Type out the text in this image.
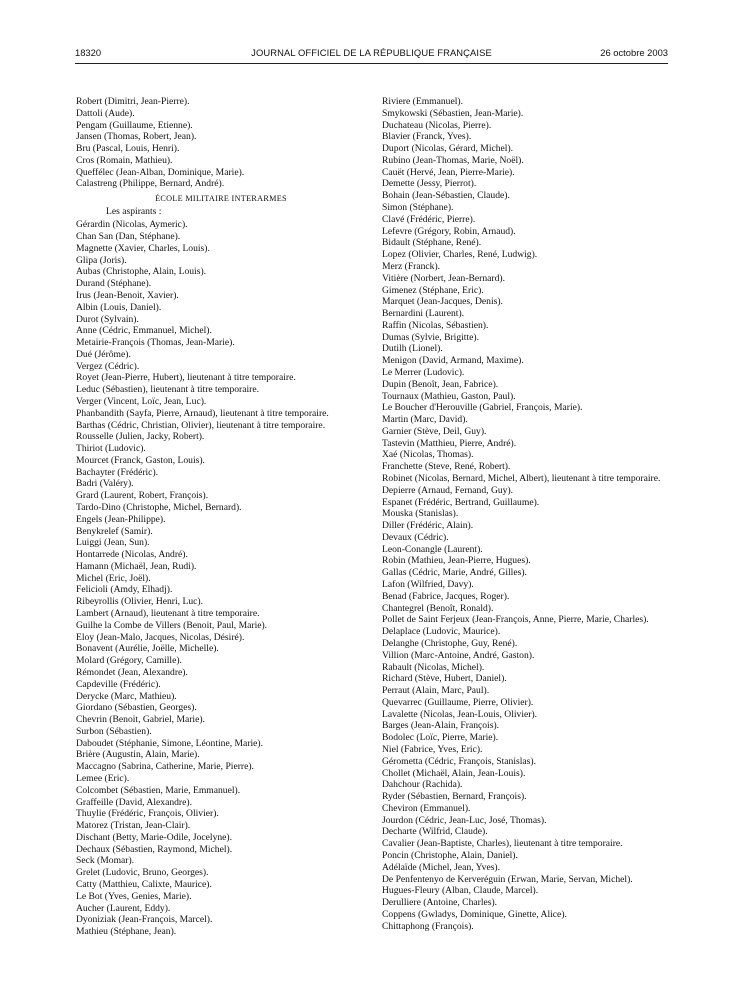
18320	JOURNAL OFFICIEL DE LA RÉPUBLIQUE FRANÇAISE	26 octobre 2003
Robert (Dimitri, Jean-Pierre).
Dattoli (Aude).
Pengam (Guillaume, Etienne).
Jansen (Thomas, Robert, Jean).
Bru (Pascal, Louis, Henri).
Cros (Romain, Mathieu).
Queffélec (Jean-Alban, Dominique, Marie).
Calastreng (Philippe, Bernard, André).
ÉCOLE MILITAIRE INTERARMES
Les aspirants :
Gérardin (Nicolas, Aymeric).
Chan San (Dan, Stéphane).
Magnette (Xavier, Charles, Louis).
Glipa (Joris).
Aubas (Christophe, Alain, Louis).
Durand (Stéphane).
Irus (Jean-Benoit, Xavier).
Albin (Louis, Daniel).
Durot (Sylvain).
Anne (Cédric, Emmanuel, Michel).
Metairie-François (Thomas, Jean-Marie).
Dué (Jérôme).
Vergez (Cédric).
Royet (Jean-Pierre, Hubert), lieutenant à titre temporaire.
Leduc (Sébastien), lieutenant à titre temporaire.
Verger (Vincent, Loïc, Jean, Luc).
Phanbandith (Sayfa, Pierre, Arnaud), lieutenant à titre temporaire.
Barthas (Cédric, Christian, Olivier), lieutenant à titre temporaire.
Rousselle (Julien, Jacky, Robert).
Thiriot (Ludovic).
Mourcet (Franck, Gaston, Louis).
Bachayter (Frédéric).
Badri (Valéry).
Grard (Laurent, Robert, François).
Tardo-Dino (Christophe, Michel, Bernard).
Engels (Jean-Philippe).
Benykrelef (Samir).
Luiggi (Jean, Sun).
Hontarrede (Nicolas, André).
Hamann (Michaël, Jean, Rudi).
Michel (Eric, Joël).
Felicioli (Amdy, Elhadj).
Ribeyrollis (Olivier, Henri, Luc).
Lambert (Arnaud), lieutenant à titre temporaire.
Guilhe la Combe de Villers (Benoit, Paul, Marie).
Eloy (Jean-Malo, Jacques, Nicolas, Désiré).
Bonavent (Aurélie, Joëlle, Michelle).
Molard (Grégory, Camille).
Rémondet (Jean, Alexandre).
Capdeville (Frédéric).
Derycke (Marc, Mathieu).
Giordano (Sébastien, Georges).
Chevrin (Benoit, Gabriel, Marie).
Surbon (Sébastien).
Daboudet (Stéphanie, Simone, Léontine, Marie).
Brière (Augustin, Alain, Marie).
Maccagno (Sabrina, Catherine, Marie, Pierre).
Lemee (Eric).
Colcombet (Sébastien, Marie, Emmanuel).
Graffeille (David, Alexandre).
Thuylie (Frédéric, François, Olivier).
Matorez (Tristan, Jean-Clair).
Dischant (Betty, Marie-Odile, Jocelyne).
Dechaux (Sébastien, Raymond, Michel).
Seck (Momar).
Grelet (Ludovic, Bruno, Georges).
Catty (Matthieu, Calixte, Maurice).
Le Bot (Yves, Genies, Marie).
Aucher (Laurent, Eddy).
Dyoniziak (Jean-François, Marcel).
Mathieu (Stéphane, Jean).
Riviere (Emmanuel).
Smykowski (Sébastien, Jean-Marie).
Duchateau (Nicolas, Pierre).
Blavier (Franck, Yves).
Duport (Nicolas, Gérard, Michel).
Rubino (Jean-Thomas, Marie, Noël).
Cauët (Hervé, Jean, Pierre-Marie).
Demette (Jessy, Pierrot).
Bohain (Jean-Sébastien, Claude).
Simon (Stéphane).
Clavé (Frédéric, Pierre).
Lefevre (Grégory, Robin, Arnaud).
Bidault (Stéphane, René).
Lopez (Olivier, Charles, René, Ludwig).
Merz (Franck).
Vitière (Norbert, Jean-Bernard).
Gimenez (Stéphane, Eric).
Marquet (Jean-Jacques, Denis).
Bernardini (Laurent).
Raffin (Nicolas, Sébastien).
Dumas (Sylvie, Brigitte).
Dutilh (Lionel).
Menigon (David, Armand, Maxime).
Le Merrer (Ludovic).
Dupin (Benoît, Jean, Fabrice).
Tournaux (Mathieu, Gaston, Paul).
Le Boucher d'Herouville (Gabriel, François, Marie).
Martin (Marc, David).
Garnier (Stève, Deil, Guy).
Tastevin (Matthieu, Pierre, André).
Xaé (Nicolas, Thomas).
Franchette (Steve, René, Robert).
Robinet (Nicolas, Bernard, Michel, Albert), lieutenant à titre temporaire.
Depierre (Arnaud, Fernand, Guy).
Espanet (Frédéric, Bertrand, Guillaume).
Mouska (Stanislas).
Diller (Frédéric, Alain).
Devaux (Cédric).
Leon-Conangle (Laurent).
Robin (Mathieu, Jean-Pierre, Hugues).
Gallas (Cédric, Marie, André, Gilles).
Lafon (Wilfried, Davy).
Benad (Fabrice, Jacques, Roger).
Chantegrel (Benoît, Ronald).
Pollet de Saint Ferjeux (Jean-François, Anne, Pierre, Marie, Charles).
Delaplace (Ludovic, Maurice).
Delanghe (Christophe, Guy, René).
Villion (Marc-Antoine, André, Gaston).
Rabault (Nicolas, Michel).
Richard (Stève, Hubert, Daniel).
Perraut (Alain, Marc, Paul).
Quevarrec (Guillaume, Pierre, Olivier).
Lavalette (Nicolas, Jean-Louis, Olivier).
Barges (Jean-Alain, François).
Bodolec (Loïc, Pierre, Marie).
Niel (Fabrice, Yves, Eric).
Gérometta (Cédric, François, Stanislas).
Chollet (Michaël, Alain, Jean-Louis).
Dahchour (Rachida).
Ryder (Sébastien, Bernard, François).
Cheviron (Emmanuel).
Jourdon (Cédric, Jean-Luc, José, Thomas).
Decharte (Wilfrid, Claude).
Cavalier (Jean-Baptiste, Charles), lieutenant à titre temporaire.
Poncin (Christophe, Alain, Daniel).
Adélaïde (Michel, Jean, Yves).
De Penfentenyo de Kerveréguin (Erwan, Marie, Servan, Michel).
Hugues-Fleury (Alban, Claude, Marcel).
Derulliere (Antoine, Charles).
Coppens (Gwladys, Dominique, Ginette, Alice).
Chittaphong (François).
